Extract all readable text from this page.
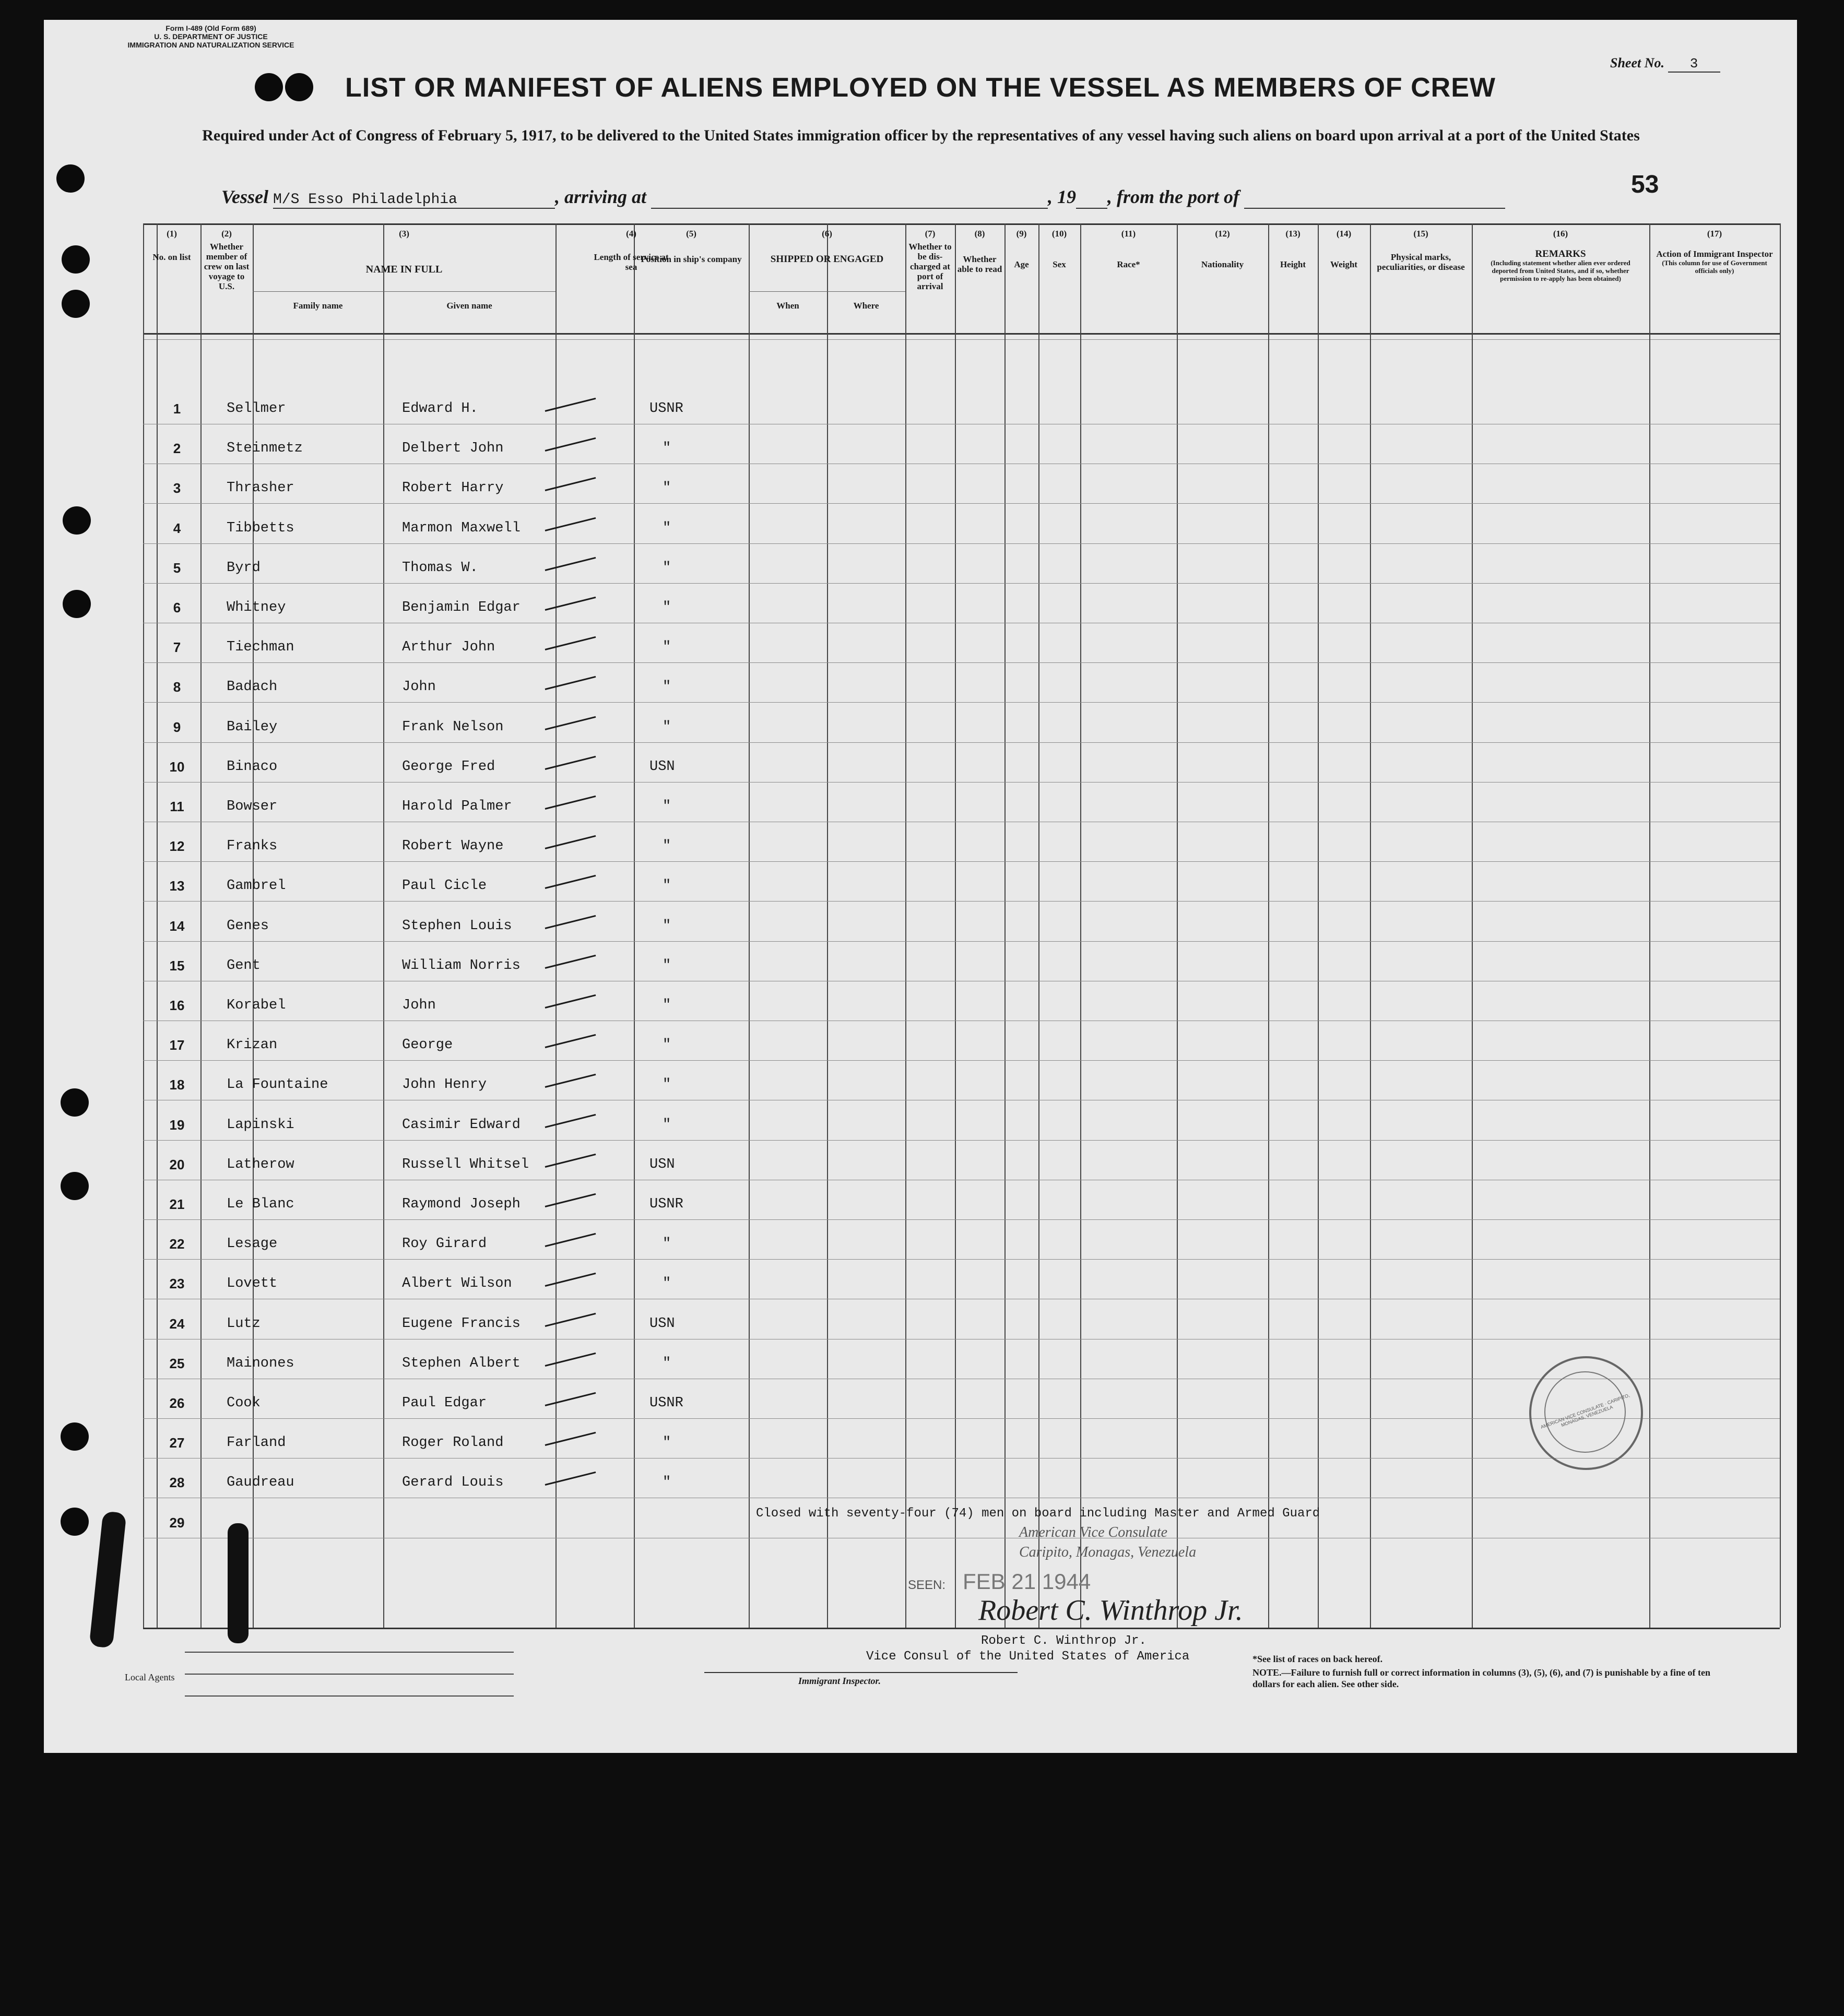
Form I-489 (Old Form 689)
U. S. DEPARTMENT OF JUSTICE
IMMIGRATION AND NATURALIZATION SERVICE
Sheet No. 3
LIST OR MANIFEST OF ALIENS EMPLOYED ON THE VESSEL AS MEMBERS OF CREW
Required under Act of Congress of February 5, 1917, to be delivered to the United States immigration officer by the representatives of any vessel having such aliens on board upon arrival at a port of the United States
Vessel M/S Esso Philadelphia	, arriving at	, 19 , from the port of	53
(1)
No. on list
(2)
Whether member of crew on last voyage to U.S.
(3)
NAME IN FULL
Family name	Given name
(4)
Length of service at sea
(5)
Position in ship's company
(6)
SHIPPED OR ENGAGED
When	Where
(7)
Whether to be dis-charged at port of arrival
(8)
Whether able to read
(9)
Age
(10)
Sex
(11)
Race*
(12)
Nationality
(13)
Height
(14)
Weight
(15)
Physical marks, peculiarities, or disease
(16)
REMARKS
(Including statement whether alien ever ordered deported from United States, and if so, whether permission to re-apply has been obtained)
(17)
Action of Immigrant Inspector
(This column for use of Government officials only)
1	Sellmer	Edward H.	USNR
2	Steinmetz	Delbert John	"
3	Thrasher	Robert Harry	"
4	Tibbetts	Marmon Maxwell	"
5	Byrd	Thomas W.	"
6	Whitney	Benjamin Edgar	"
7	Tiechman	Arthur John	"
8	Badach	John	"
9	Bailey	Frank Nelson	"
10	Binaco	George Fred	USN
11	Bowser	Harold Palmer	"
12	Franks	Robert Wayne	"
13	Gambrel	Paul Cicle	"
14	Genes	Stephen Louis	"
15	Gent	William Norris	"
16	Korabel	John	"
17	Krizan	George	"
18	La Fountaine	John Henry	"
19	Lapinski	Casimir Edward	"
20	Latherow	Russell Whitsel	USN
21	Le Blanc	Raymond Joseph	USNR
22	Lesage	Roy Girard	"
23	Lovett	Albert Wilson	"
24	Lutz	Eugene Francis	USN
25	Mainones	Stephen Albert	"
26	Cook	Paul Edgar	USNR
27	Farland	Roger Roland	"
28	Gaudreau	Gerard Louis	"
29
Closed with seventy-four (74) men on board including Master and Armed Guard
American Vice Consulate
Caripito, Monagas, Venezuela
SEEN: FEB 21 1944
Robert C. Winthrop Jr.
Robert C. Winthrop Jr.
Vice Consul of the United States of America
Local Agents	Immigrant Inspector.
*See list of races on back hereof.
NOTE.—Failure to furnish full or correct information in columns (3), (5), (6), and (7) is punishable by a fine of ten dollars for each alien. See other side.
AMERICAN VICE CONSULATE · CARIPITO, MONAGAS, VENEZUELA
